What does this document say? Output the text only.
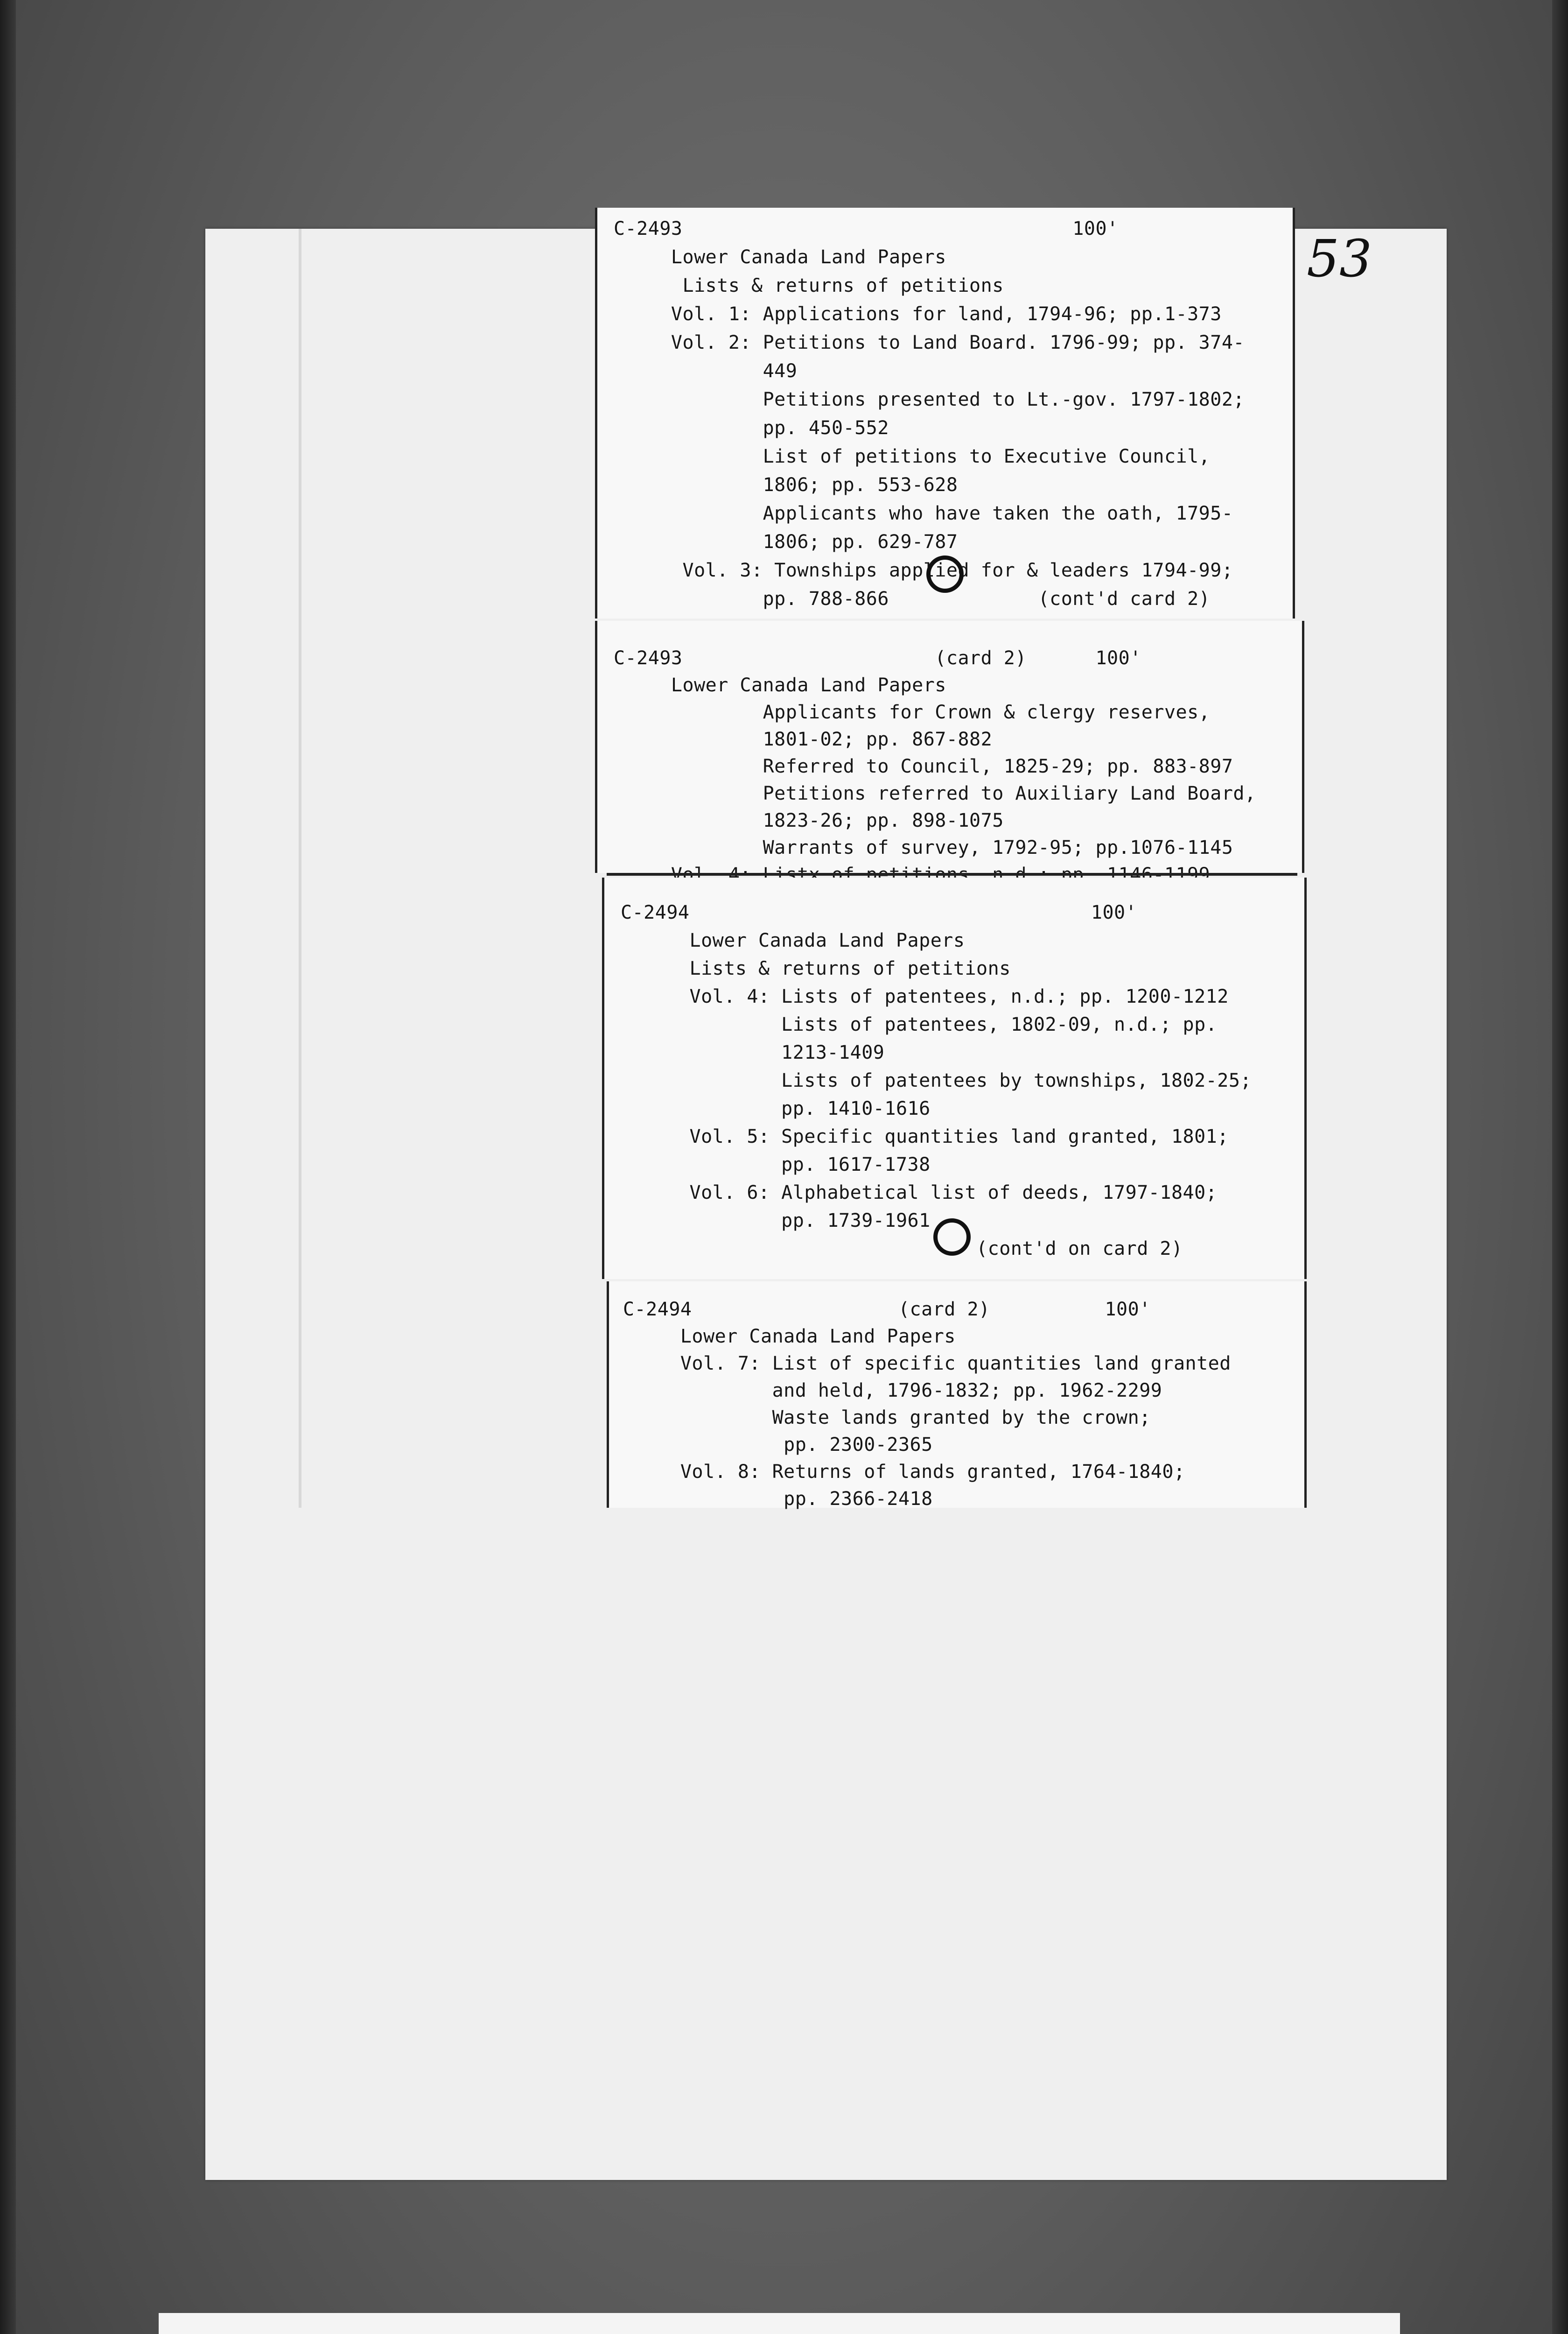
53
C-2493                                  100'
Lower Canada Land Papers
Lists & returns of petitions
Vol. 1: Applications for land, 1794-96; pp.1-373
Vol. 2: Petitions to Land Board. 1796-99; pp. 374-
449
Petitions presented to Lt.-gov. 1797-1802;
pp. 450-552
List of petitions to Executive Council,
1806; pp. 553-628
Applicants who have taken the oath, 1795-
1806; pp. 629-787
Vol. 3: Townships applied for & leaders 1794-99;
pp. 788-866             (cont'd card 2)
C-2493                      (card 2)      100'
Lower Canada Land Papers
Applicants for Crown & clergy reserves,
1801-02; pp. 867-882
Referred to Council, 1825-29; pp. 883-897
Petitions referred to Auxiliary Land Board,
1823-26; pp. 898-1075
Warrants of survey, 1792-95; pp.1076-1145
C-2494                                   100'
Lower Canada Land Papers
Lists & returns of petitions
Vol. 4: Lists of patentees, n.d.; pp. 1200-1212
Lists of patentees, 1802-09, n.d.; pp.
1213-1409
Lists of patentees by townships, 1802-25;
pp. 1410-1616
Vol. 5: Specific quantities land granted, 1801;
pp. 1617-1738
Vol. 6: Alphabetical list of deeds, 1797-1840;
pp. 1739-1961
(cont'd on card 2)
C-2494                  (card 2)          100'
Lower Canada Land Papers
Vol. 7: List of specific quantities land granted
and held, 1796-1832; pp. 1962-2299
Waste lands granted by the crown;
pp. 2300-2365
Vol. 8: Returns of lands granted, 1764-1840;
pp. 2366-2418
